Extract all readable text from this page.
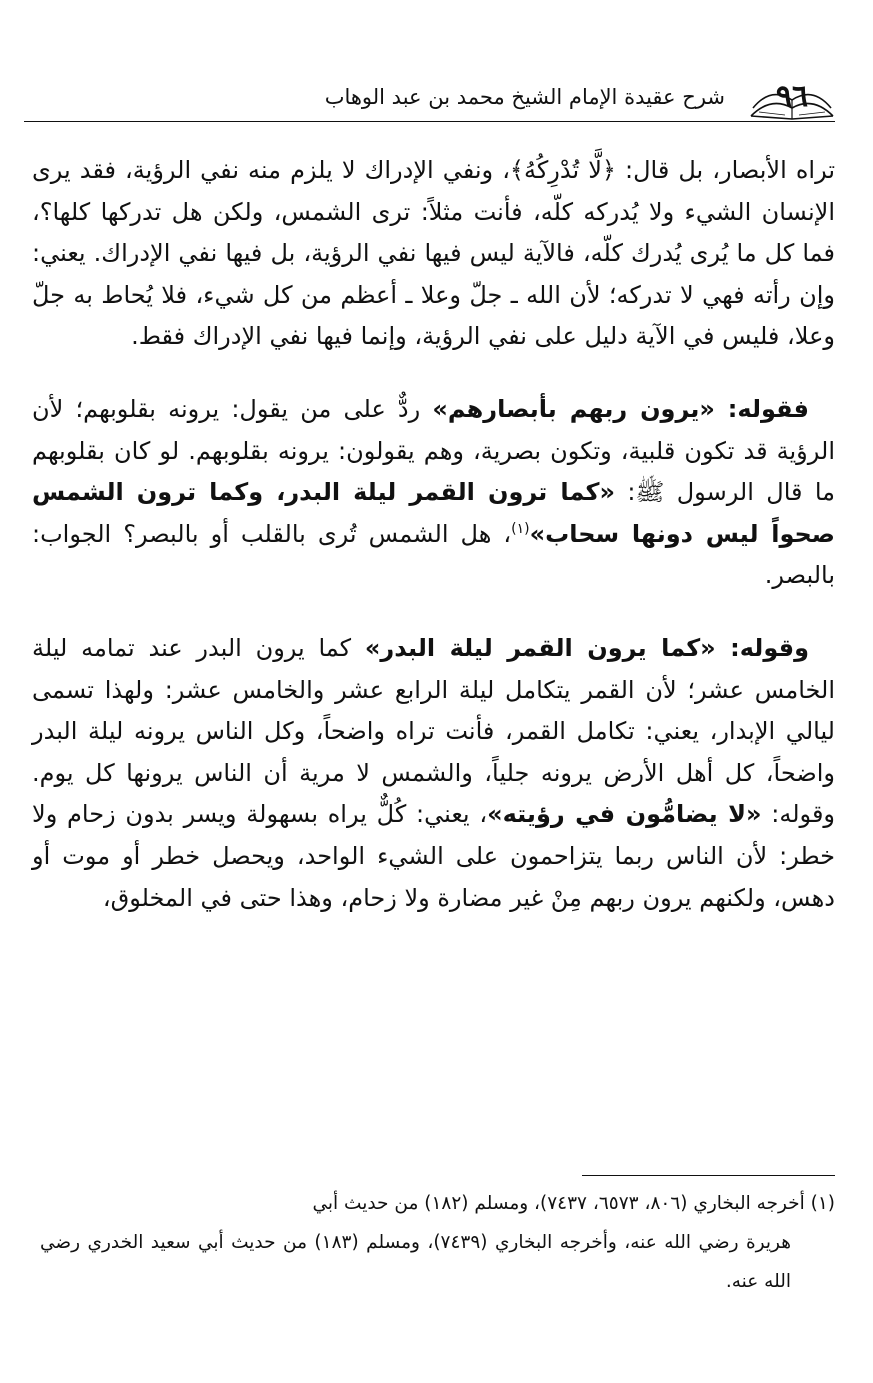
٩٦
شرح عقيدة الإمام الشيخ محمد بن عبد الوهاب

تراه الأبصار، بل قال: ﴿لَّا تُدْرِكُهُ﴾، ونفي الإدراك لا يلزم منه نفي الرؤية، فقد يرى الإنسان الشيء ولا يُدركه كلّه، فأنت مثلاً: ترى الشمس، ولكن هل تدركها كلها؟، فما كل ما يُرى يُدرك كلّه، فالآية ليس فيها نفي الرؤية، بل فيها نفي الإدراك. يعني: وإن رأته فهي لا تدركه؛ لأن الله ـ جلّ وعلا ـ أعظم من كل شيء، فلا يُحاط به جلّ وعلا، فليس في الآية دليل على نفي الرؤية، وإنما فيها نفي الإدراك فقط.

فقوله: «يرون ربهم بأبصارهم» ردٌّ على من يقول: يرونه بقلوبهم؛ لأن الرؤية قد تكون قلبية، وتكون بصرية، وهم يقولون: يرونه بقلوبهم. لو كان بقلوبهم ما قال الرسول ﷺ: «كما ترون القمر ليلة البدر، وكما ترون الشمس صحواً ليس دونها سحاب»$^{(١)}$، هل الشمس تُرى بالقلب أو بالبصر؟ الجواب: بالبصر.

وقوله: «كما يرون القمر ليلة البدر» كما يرون البدر عند تمامه ليلة الخامس عشر؛ لأن القمر يتكامل ليلة الرابع عشر والخامس عشر: ولهذا تسمى ليالي الإبدار، يعني: تكامل القمر، فأنت تراه واضحاً، وكل الناس يرونه ليلة البدر واضحاً، كل أهل الأرض يرونه جلياً، والشمس لا مرية أن الناس يرونها كل يوم. وقوله: «لا يضامُّون في رؤيته»، يعني: كُلٌّ يراه بسهولة ويسر بدون زحام ولا خطر: لأن الناس ربما يتزاحمون على الشيء الواحد، ويحصل خطر أو موت أو دهس، ولكنهم يرون ربهم مِنْ غير مضارة ولا زحام، وهذا حتى في المخلوق،

(١) أخرجه البخاري (٨٠٦، ٦٥٧٣، ٧٤٣٧)، ومسلم (١٨٢) من حديث أبي
هريرة رضي الله عنه، وأخرجه البخاري (٧٤٣٩)، ومسلم (١٨٣) من حديث أبي سعيد الخدري رضي الله عنه.
